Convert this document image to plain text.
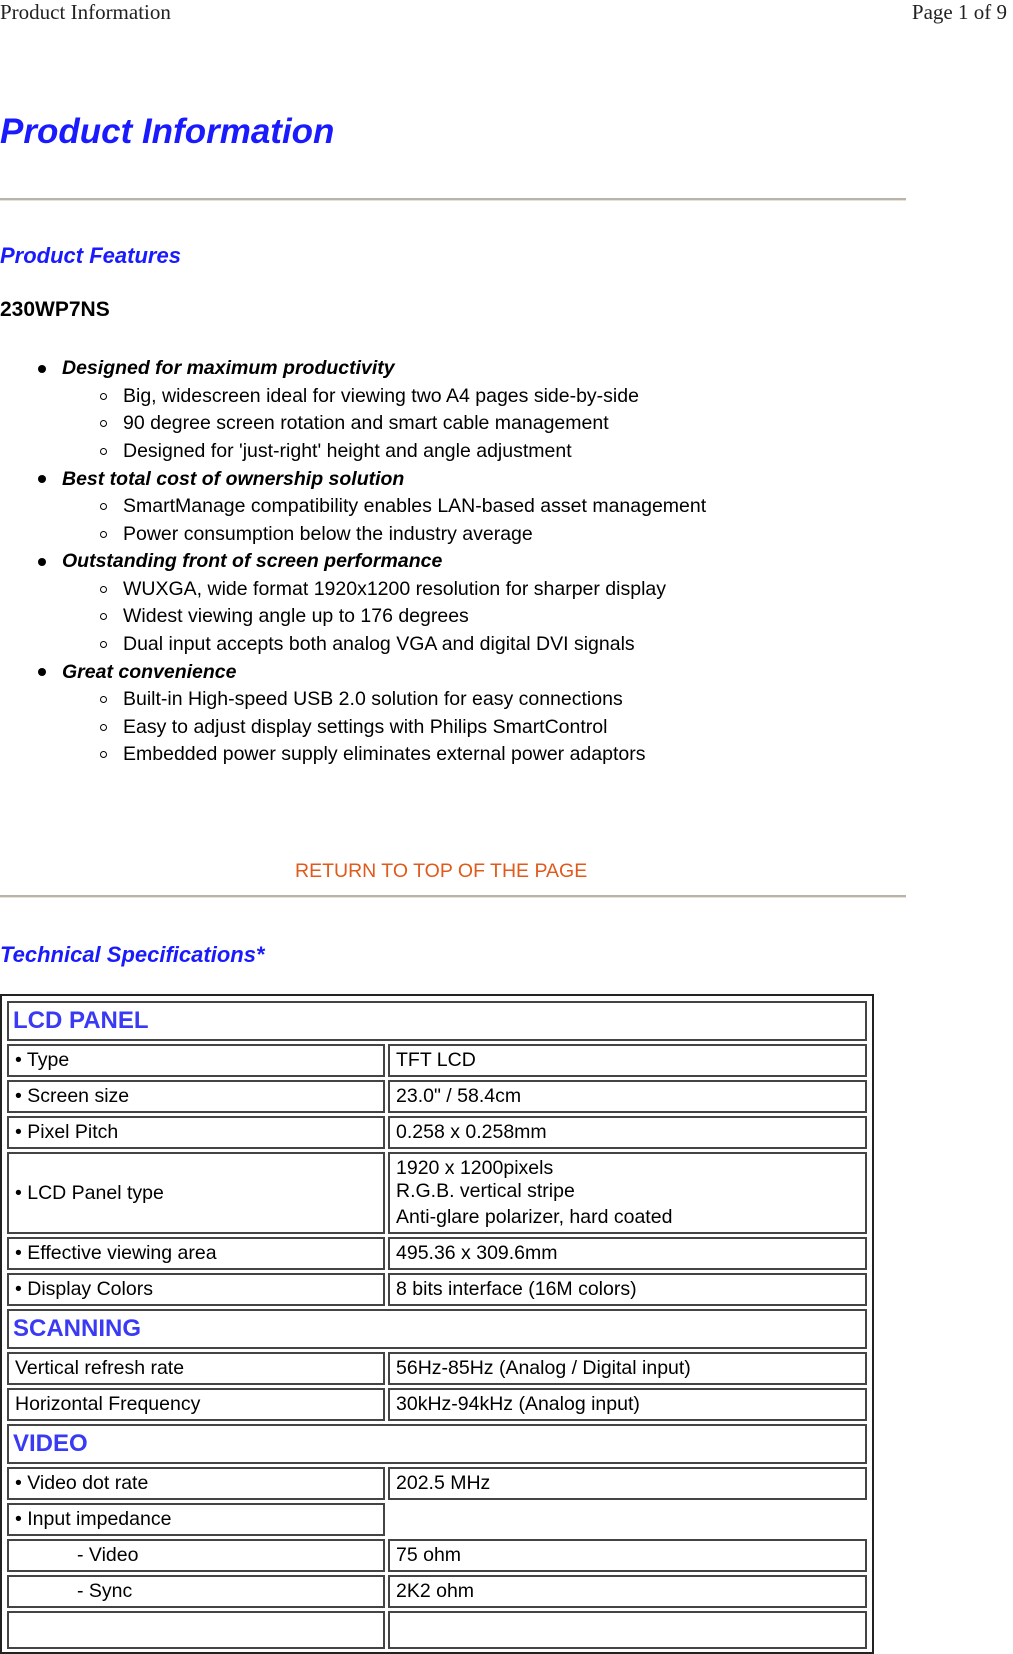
Product Information	Page 1 of 9
Product Information
Product Features
230WP7NS
Designed for maximum productivity
Big, widescreen ideal for viewing two A4 pages side-by-side
90 degree screen rotation and smart cable management
Designed for 'just-right' height and angle adjustment
Best total cost of ownership solution
SmartManage compatibility enables LAN-based asset management
Power consumption below the industry average
Outstanding front of screen performance
WUXGA, wide format 1920x1200 resolution for sharper display
Widest viewing angle up to 176 degrees
Dual input accepts both analog VGA and digital DVI signals
Great convenience
Built-in High-speed USB 2.0 solution for easy connections
Easy to adjust display settings with Philips SmartControl
Embedded power supply eliminates external power adaptors
RETURN TO TOP OF THE PAGE
Technical Specifications*
LCD PANEL	
• Type	TFT LCD
• Screen size	23.0" / 58.4cm
• Pixel Pitch	0.258 x 0.258mm
• LCD Panel type	1920 x 1200pixels
R.G.B. vertical stripe
Anti-glare polarizer, hard coated

• Effective viewing area	495.36 x 309.6mm
• Display Colors	8 bits interface (16M colors)
SCANNING	
Vertical refresh rate	56Hz-85Hz (Analog / Digital input)
Horizontal Frequency	30kHz-94kHz (Analog input)
VIDEO	
• Video dot rate	202.5 MHz
• Input impedance	
- Video	75 ohm
- Sync	2K2 ohm
